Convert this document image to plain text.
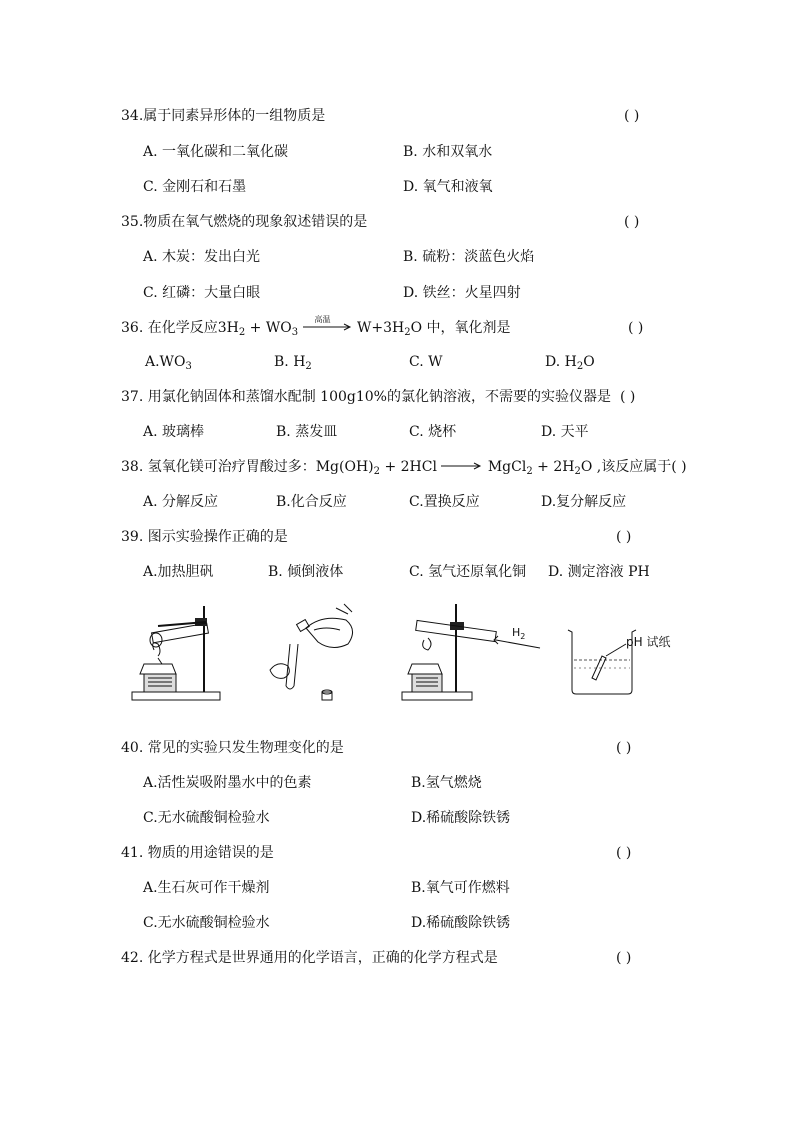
34.属于同素异形体的一组物质是	( )
A. 一氧化碳和二氧化碳	B. 水和双氧水
C. 金刚石和石墨	D. 氧气和液氧
35.物质在氧气燃烧的现象叙述错误的是	( )
A. 木炭：发出白光	B. 硫粉：淡蓝色火焰
C. 红磷：大量白眼	D. 铁丝：火星四射
36. 在化学反应$3H_2 + WO_3$
高温
$W+3H_2O$ 中，氧化剂是	( )
$A.WO_3$	B. $H_2$	C. W	D. $H_2O$
37. 用氯化钠固体和蒸馏水配制 100g10%的氯化钠溶液，不需要的实验仪器是 ( )
A. 玻璃棒	B. 蒸发皿	C. 烧杯	D. 天平
38. 氢氧化镁可治疗胃酸过多：$Mg(OH)_2 + 2HCl$ → MgCl$_2$ + $2H_2O$ ,该反应属于( )
A. 分解反应	B.化合反应	C.置换反应	D.复分解反应
39. 图示实验操作正确的是	( )
A.加热胆矾	B. 倾倒液体	C. 氢气还原氧化铜 D. 测定溶液 PH
$H_2$	pH 试纸
40. 常见的实验只发生物理变化的是	( )
A.活性炭吸附墨水中的色素	B.氢气燃烧
C.无水硫酸铜检验水	D.稀硫酸除铁锈
41. 物质的用途错误的是	( )
A.生石灰可作干燥剂	B.氧气可作燃料
C.无水硫酸铜检验水	D.稀硫酸除铁锈
42. 化学方程式是世界通用的化学语言，正确的化学方程式是	( )
